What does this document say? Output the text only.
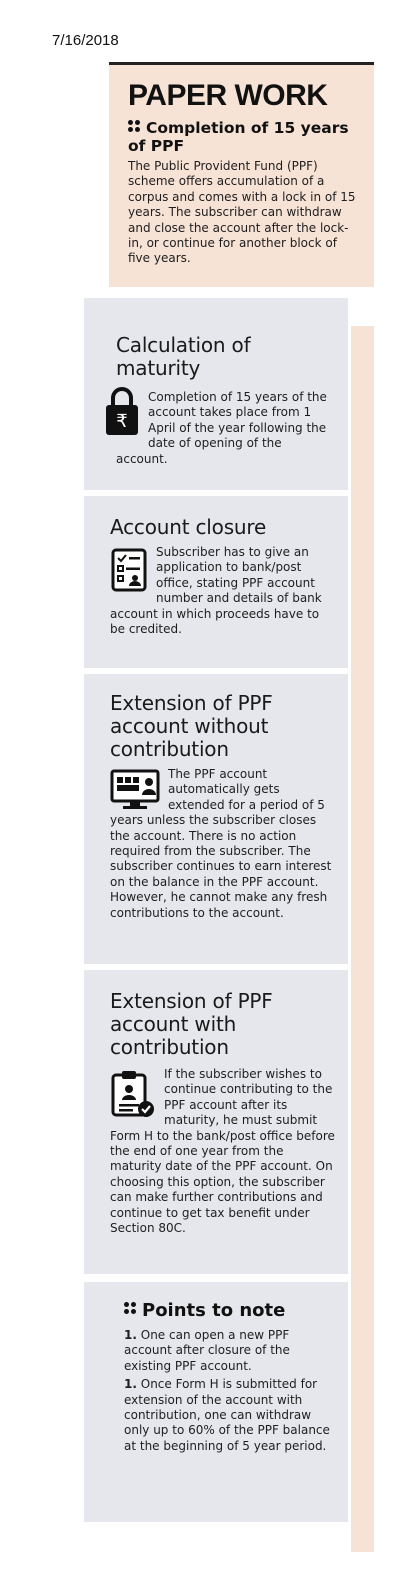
7/16/2018
PAPER WORK
Completion of 15 years of PPF

The Public Provident Fund (PPF) scheme offers accumulation of a corpus and comes with a lock in of 15 years. The subscriber can withdraw and close the account after the lock-in, or continue for another block of five years.

Calculation of maturity
₹

Completion of 15 years of the account takes place from 1 April of the year following the date of opening of the account.

Account closure

Subscriber has to give an application to bank/post office, stating PPF account number and details of bank account in which proceeds have to be credited.

Extension of PPF account without contribution

The PPF account automatically gets extended for a period of 5 years unless the subscriber closes the account. There is no action required from the subscriber. The subscriber continues to earn interest on the balance in the PPF account. However, he cannot make any fresh contributions to the account.

Extension of PPF account with contribution

If the subscriber wishes to continue contributing to the PPF account after its maturity, he must submit Form H to the bank/post office before the end of one year from the maturity date of the PPF account. On choosing this option, the subscriber can make further contributions and continue to get tax benefit under Section 80C.

Points to note

1. One can open a new PPF account after closure of the existing PPF account.

1. Once Form H is submitted for extension of the account with contribution, one can withdraw only up to 60% of the PPF balance at the beginning of 5 year period.
